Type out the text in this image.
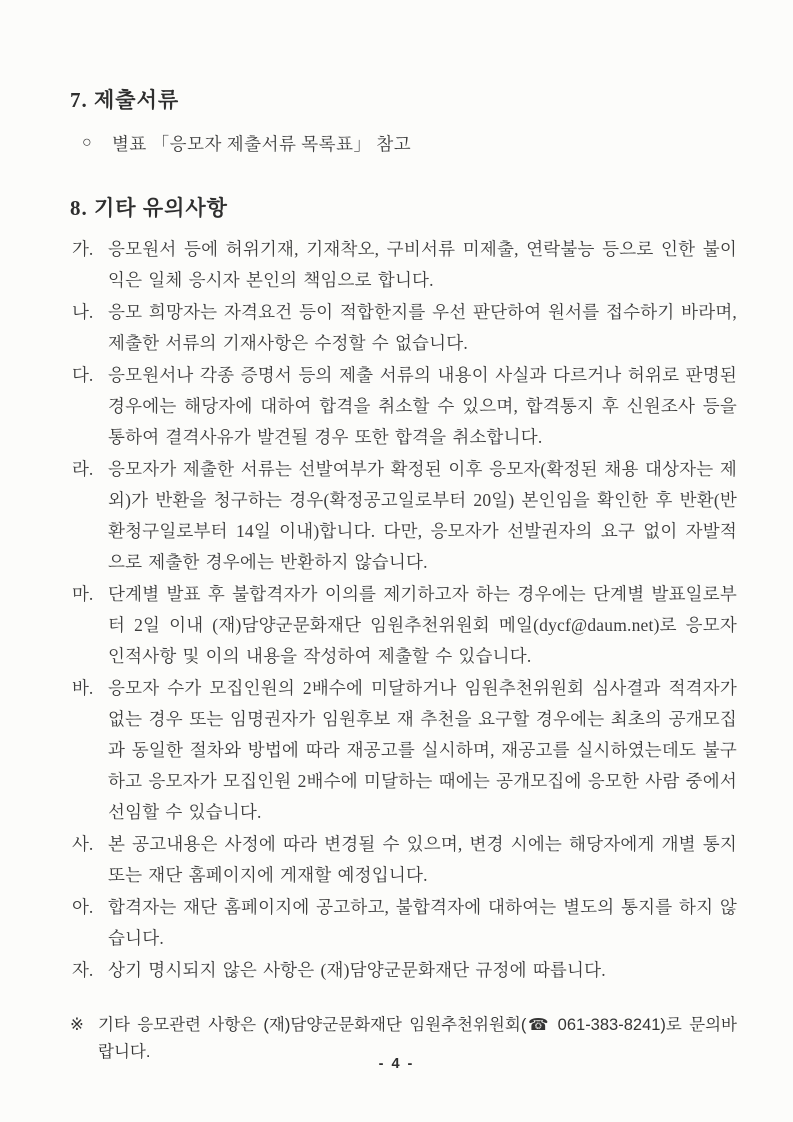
7. 제출서류
○	별표 「응모자 제출서류 목록표」 참고
8. 기타 유의사항
가. 응모원서 등에 허위기재, 기재착오, 구비서류 미제출, 연락불능 등으로 인한 불이익은 일체 응시자 본인의 책임으로 합니다.
나. 응모 희망자는 자격요건 등이 적합한지를 우선 판단하여 원서를 접수하기 바라며, 제출한 서류의 기재사항은 수정할 수 없습니다.
다. 응모원서나 각종 증명서 등의 제출 서류의 내용이 사실과 다르거나 허위로 판명된 경우에는 해당자에 대하여 합격을 취소할 수 있으며, 합격통지 후 신원조사 등을 통하여 결격사유가 발견될 경우 또한 합격을 취소합니다.
라. 응모자가 제출한 서류는 선발여부가 확정된 이후 응모자(확정된 채용 대상자는 제외)가 반환을 청구하는 경우(확정공고일로부터 20일) 본인임을 확인한 후 반환(반환청구일로부터 14일 이내)합니다. 다만, 응모자가 선발권자의 요구 없이 자발적으로 제출한 경우에는 반환하지 않습니다.
마. 단계별 발표 후 불합격자가 이의를 제기하고자 하는 경우에는 단계별 발표일로부터 2일 이내 (재)담양군문화재단 임원추천위원회 메일(dycf@daum.net)로 응모자 인적사항 및 이의 내용을 작성하여 제출할 수 있습니다.
바. 응모자 수가 모집인원의 2배수에 미달하거나 임원추천위원회 심사결과 적격자가 없는 경우 또는 임명권자가 임원후보 재 추천을 요구할 경우에는 최초의 공개모집과 동일한 절차와 방법에 따라 재공고를 실시하며, 재공고를 실시하였는데도 불구하고 응모자가 모집인원 2배수에 미달하는 때에는 공개모집에 응모한 사람 중에서 선임할 수 있습니다.
사. 본 공고내용은 사정에 따라 변경될 수 있으며, 변경 시에는 해당자에게 개별 통지 또는 재단 홈페이지에 게재할 예정입니다.
아. 합격자는 재단 홈페이지에 공고하고, 불합격자에 대하여는 별도의 통지를 하지 않습니다.
자. 상기 명시되지 않은 사항은 (재)담양군문화재단 규정에 따릅니다.
※ 기타 응모관련 사항은 (재)담양군문화재단 임원추천위원회(☎ 061-383-8241)로 문의바랍니다.
- 4 -
